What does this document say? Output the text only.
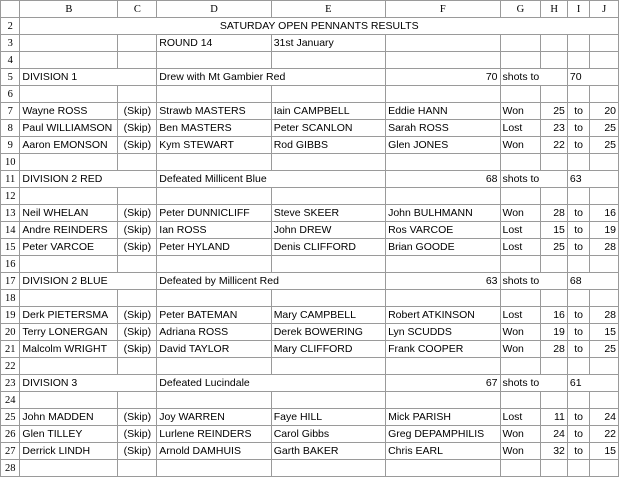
	B	C	D	E	F	G	H	I	J
2	SATURDAY OPEN PENNANTS RESULTS								
3			ROUND 14	31st January					
4									
5	DIVISION 1		Drew with Mt Gambier Red		70	shots to		70	
6									
7	Wayne ROSS	(Skip)	Strawb MASTERS	Iain CAMPBELL	Eddie HANN	Won	25	to	20
8	Paul WILLIAMSON	(Skip)	Ben MASTERS	Peter SCANLON	Sarah ROSS	Lost	23	to	25
9	Aaron EMONSON	(Skip)	Kym STEWART	Rod GIBBS	Glen JONES	Won	22	to	25
10									
11	DIVISION 2 RED		Defeated Millicent Blue		68	shots to		63	
12									
13	Neil WHELAN	(Skip)	Peter DUNNICLIFF	Steve SKEER	John BULHMANN	Won	28	to	16
14	Andre REINDERS	(Skip)	Ian ROSS	John DREW	Ros VARCOE	Lost	15	to	19
15	Peter VARCOE	(Skip)	Peter HYLAND	Denis CLIFFORD	Brian GOODE	Lost	25	to	28
16									
17	DIVISION 2 BLUE		Defeated by Millicent Red		63	shots to		68	
18									
19	Derk PIETERSMA	(Skip)	Peter BATEMAN	Mary CAMPBELL	Robert ATKINSON	Lost	16	to	28
20	Terry LONERGAN	(Skip)	Adriana ROSS	Derek BOWERING	Lyn SCUDDS	Won	19	to	15
21	Malcolm WRIGHT	(Skip)	David TAYLOR	Mary CLIFFORD	Frank COOPER	Won	28	to	25
22									
23	DIVISION 3		Defeated Lucindale		67	shots to		61	
24									
25	John MADDEN	(Skip)	Joy WARREN	Faye HILL	Mick PARISH	Lost	11	to	24
26	Glen TILLEY	(Skip)	Lurlene REINDERS	Carol Gibbs	Greg DEPAMPHILIS	Won	24	to	22
27	Derrick LINDH	(Skip)	Arnold DAMHUIS	Garth BAKER	Chris EARL	Won	32	to	15
28									
